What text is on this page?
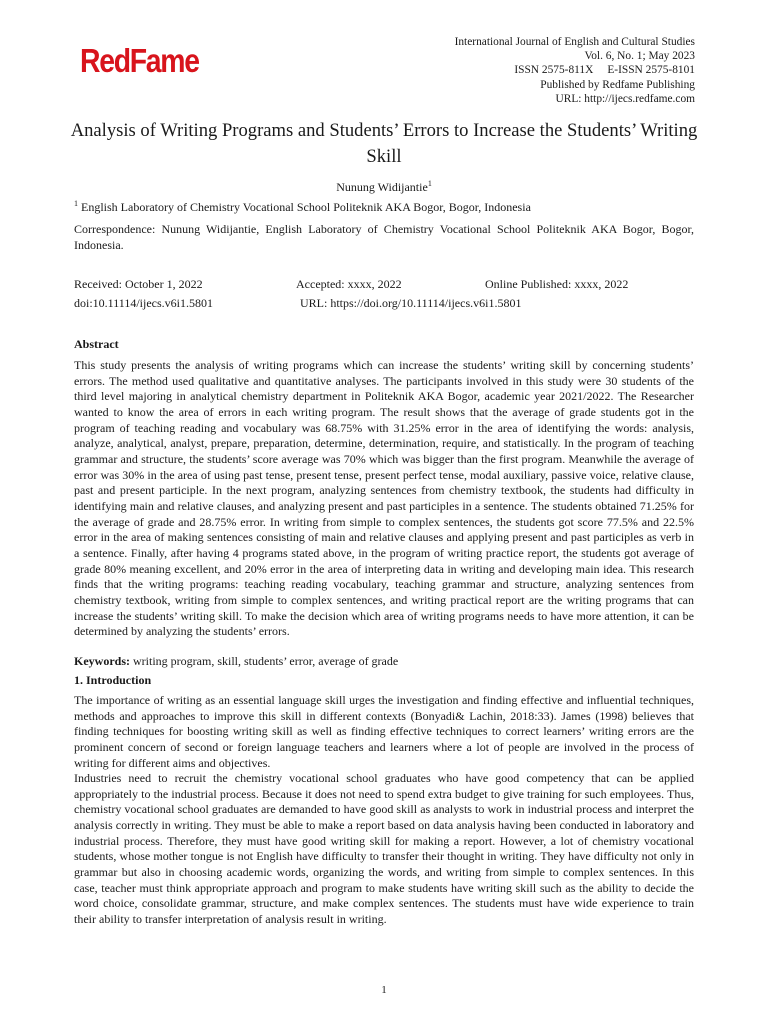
RedFame	International Journal of English and Cultural Studies
Vol. 6, No. 1; May 2023
ISSN 2575-811X E-ISSN 2575-8101
Published by Redfame Publishing
URL: http://ijecs.redfame.com
Analysis of Writing Programs and Students’ Errors to Increase the Students’ Writing Skill
Nunung Widijantie$^1$
$^1$ English Laboratory of Chemistry Vocational School Politeknik AKA Bogor, Bogor, Indonesia
Correspondence: Nunung Widijantie, English Laboratory of Chemistry Vocational School Politeknik AKA Bogor, Bogor, Indonesia.
Received: October 1, 2022	Accepted: xxxx, 2022	Online Published: xxxx, 2022
doi:10.11114/ijecs.v6i1.5801	URL: https://doi.org/10.11114/ijecs.v6i1.5801
Abstract
This study presents the analysis of writing programs which can increase the students’ writing skill by concerning students’ errors. The method used qualitative and quantitative analyses. The participants involved in this study were 30 students of the third level majoring in analytical chemistry department in Politeknik AKA Bogor, academic year 2021/2022. The Researcher wanted to know the area of errors in each writing program. The result shows that the average of grade students got in the program of teaching reading and vocabulary was 68.75% with 31.25% error in the area of identifying the words: analysis, analyze, analytical, analyst, prepare, preparation, determine, determination, require, and statistically. In the program of teaching grammar and structure, the students’ score average was 70% which was bigger than the first program. Meanwhile the average of error was 30% in the area of using past tense, present tense, present perfect tense, modal auxiliary, passive voice, relative clause, past and present participle. In the next program, analyzing sentences from chemistry textbook, the students had difficulty in identifying main and relative clauses, and analyzing present and past participles in a sentence. The students obtained 71.25% for the average of grade and 28.75% error. In writing from simple to complex sentences, the students got score 77.5% and 22.5% error in the area of making sentences consisting of main and relative clauses and applying present and past participles as verb in a sentence. Finally, after having 4 programs stated above, in the program of writing practice report, the students got average of grade 80% meaning excellent, and 20% error in the area of interpreting data in writing and developing main idea. This research finds that the writing programs: teaching reading vocabulary, teaching grammar and structure, analyzing sentences from chemistry textbook, writing from simple to complex sentences, and writing practical report are the writing programs that can increase the students’ writing skill. To make the decision which area of writing programs needs to have more attention, it can be determined by analyzing the students’ errors.
Keywords: writing program, skill, students’ error, average of grade
1. Introduction
The importance of writing as an essential language skill urges the investigation and finding effective and influential techniques, methods and approaches to improve this skill in different contexts (Bonyadi& Lachin, 2018:33). James (1998) believes that finding techniques for boosting writing skill as well as finding effective techniques to correct learners’ writing errors are the prominent concern of second or foreign language teachers and learners where a lot of people are involved in the process of writing for different aims and objectives.
Industries need to recruit the chemistry vocational school graduates who have good competency that can be applied appropriately to the industrial process. Because it does not need to spend extra budget to give training for such employees. Thus, chemistry vocational school graduates are demanded to have good skill as analysts to work in industrial process and interpret the analysis correctly in writing. They must be able to make a report based on data analysis having been conducted in laboratory and industrial process. Therefore, they must have good writing skill for making a report. However, a lot of chemistry vocational students, whose mother tongue is not English have difficulty to transfer their thought in writing. They have difficulty not only in grammar but also in choosing academic words, organizing the words, and writing from simple to complex sentences. In this case, teacher must think appropriate approach and program to make students have writing skill such as the ability to decide the word choice, consolidate grammar, structure, and make complex sentences. The students must have wide experience to train their ability to transfer interpretation of analysis result in writing.
1
